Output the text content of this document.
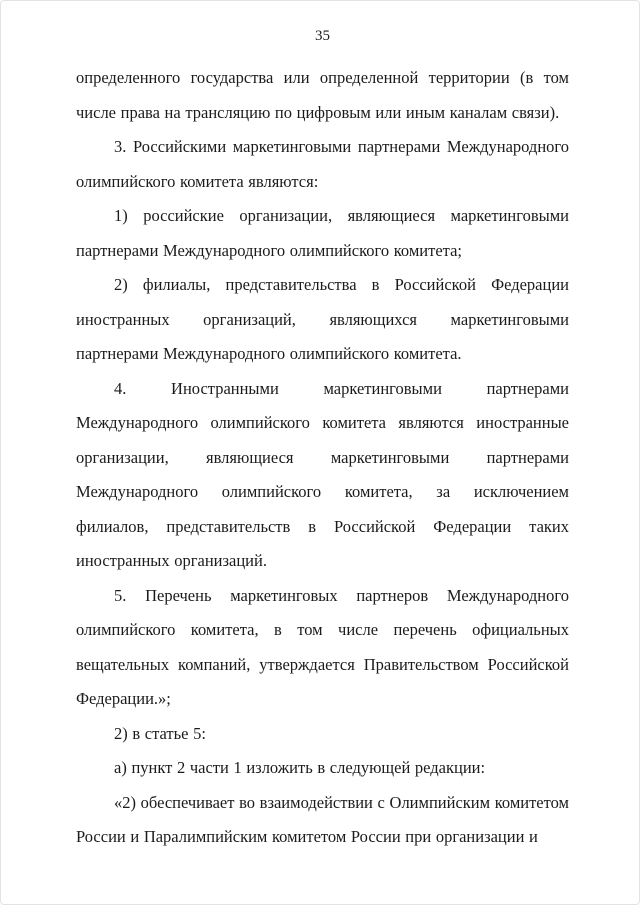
35

определенного государства или определенной территории (в том числе права на трансляцию по цифровым или иным каналам связи).

3. Российскими маркетинговыми партнерами Международного олимпийского комитета являются:

1) российские организации, являющиеся маркетинговыми партнерами Международного олимпийского комитета;

2) филиалы, представительства в Российской Федерации иностранных организаций, являющихся маркетинговыми партнерами Международного олимпийского комитета.

4. Иностранными маркетинговыми партнерами Международного олимпийского комитета являются иностранные организации, являющиеся маркетинговыми партнерами Международного олимпийского комитета, за исключением филиалов, представительств в Российской Федерации таких иностранных организаций.

5. Перечень маркетинговых партнеров Международного олимпийского комитета, в том числе перечень официальных вещательных компаний, утверждается Правительством Российской Федерации.»;

2) в статье 5:

а) пункт 2 части 1 изложить в следующей редакции:

«2) обеспечивает во взаимодействии с Олимпийским комитетом России и Паралимпийским комитетом России при организации и
